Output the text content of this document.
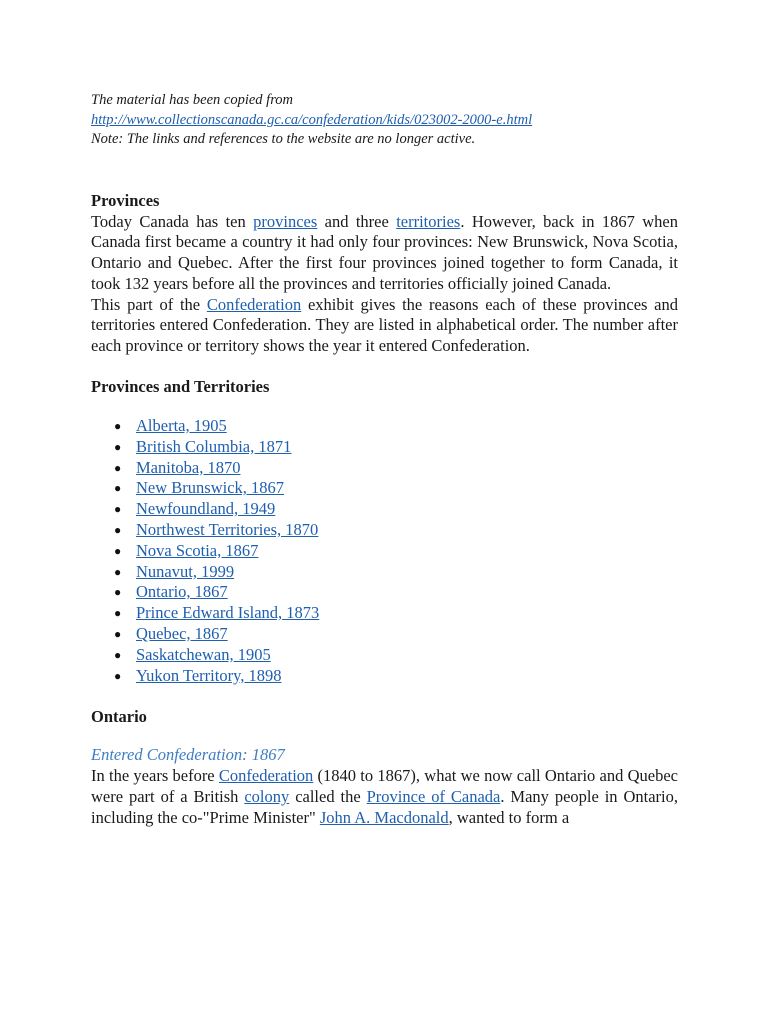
The material has been copied from
http://www.collectionscanada.gc.ca/confederation/kids/023002-2000-e.html
Note: The links and references to the website are no longer active.
Provinces

Today Canada has ten provinces and three territories. However, back in 1867 when Canada first became a country it had only four provinces: New Brunswick, Nova Scotia, Ontario and Quebec. After the first four provinces joined together to form Canada, it took 132 years before all the provinces and territories officially joined Canada.

This part of the Confederation exhibit gives the reasons each of these provinces and territories entered Confederation. They are listed in alphabetical order. The number after each province or territory shows the year it entered Confederation.

Provinces and Territories
● Alberta, 1905
● British Columbia, 1871
● Manitoba, 1870
● New Brunswick, 1867
● Newfoundland, 1949
● Northwest Territories, 1870
● Nova Scotia, 1867
● Nunavut, 1999
● Ontario, 1867
● Prince Edward Island, 1873
● Quebec, 1867
● Saskatchewan, 1905
● Yukon Territory, 1898
Ontario
Entered Confederation: 1867

In the years before Confederation (1840 to 1867), what we now call Ontario and Quebec were part of a British colony called the Province of Canada. Many people in Ontario, including the co-"Prime Minister" John A. Macdonald, wanted to form a
